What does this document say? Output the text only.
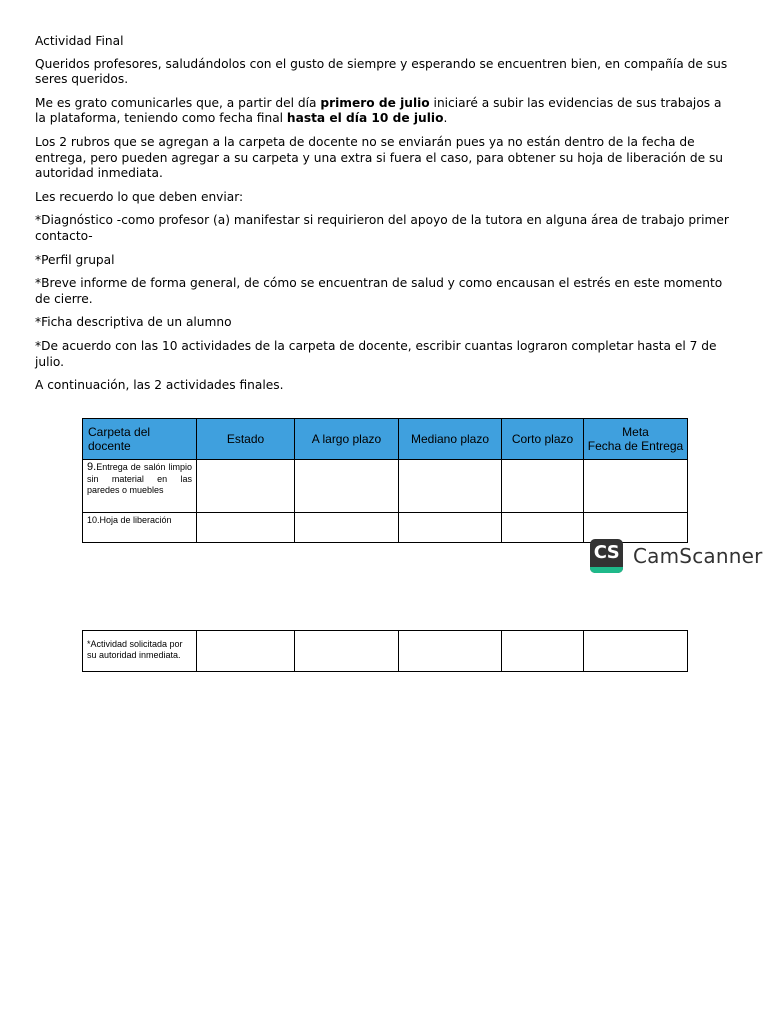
Actividad Final

Queridos profesores, saludándolos con el gusto de siempre y esperando se encuentren bien, en compañía de sus seres queridos.

Me es grato comunicarles que, a partir del día primero de julio iniciaré a subir las evidencias de sus trabajos a la plataforma, teniendo como fecha final hasta el día 10 de julio.

Los 2 rubros que se agregan a la carpeta de docente no se enviarán pues ya no están dentro de la fecha de entrega, pero pueden agregar a su carpeta y una extra si fuera el caso, para obtener su hoja de liberación de su autoridad inmediata.

Les recuerdo lo que deben enviar:

*Diagnóstico -como profesor (a) manifestar si requirieron del apoyo de la tutora en alguna área de trabajo primer contacto-

*Perfil grupal

*Breve informe de forma general, de cómo se encuentran de salud y como encausan el estrés en este momento de cierre.

*Ficha descriptiva de un alumno

*De acuerdo con las 10 actividades de la carpeta de docente, escribir cuantas lograron completar hasta el 7 de julio.

A continuación, las 2 actividades finales.

Carpeta del docente	Estado	A largo plazo	Mediano plazo	Corto plazo	Meta
Fecha de Entrega
9.Entrega de salón limpio sin material en las paredes o muebles					
10.Hoja de liberación					
CS CamScanner
*Actividad solicitada por su autoridad inmediata.					
